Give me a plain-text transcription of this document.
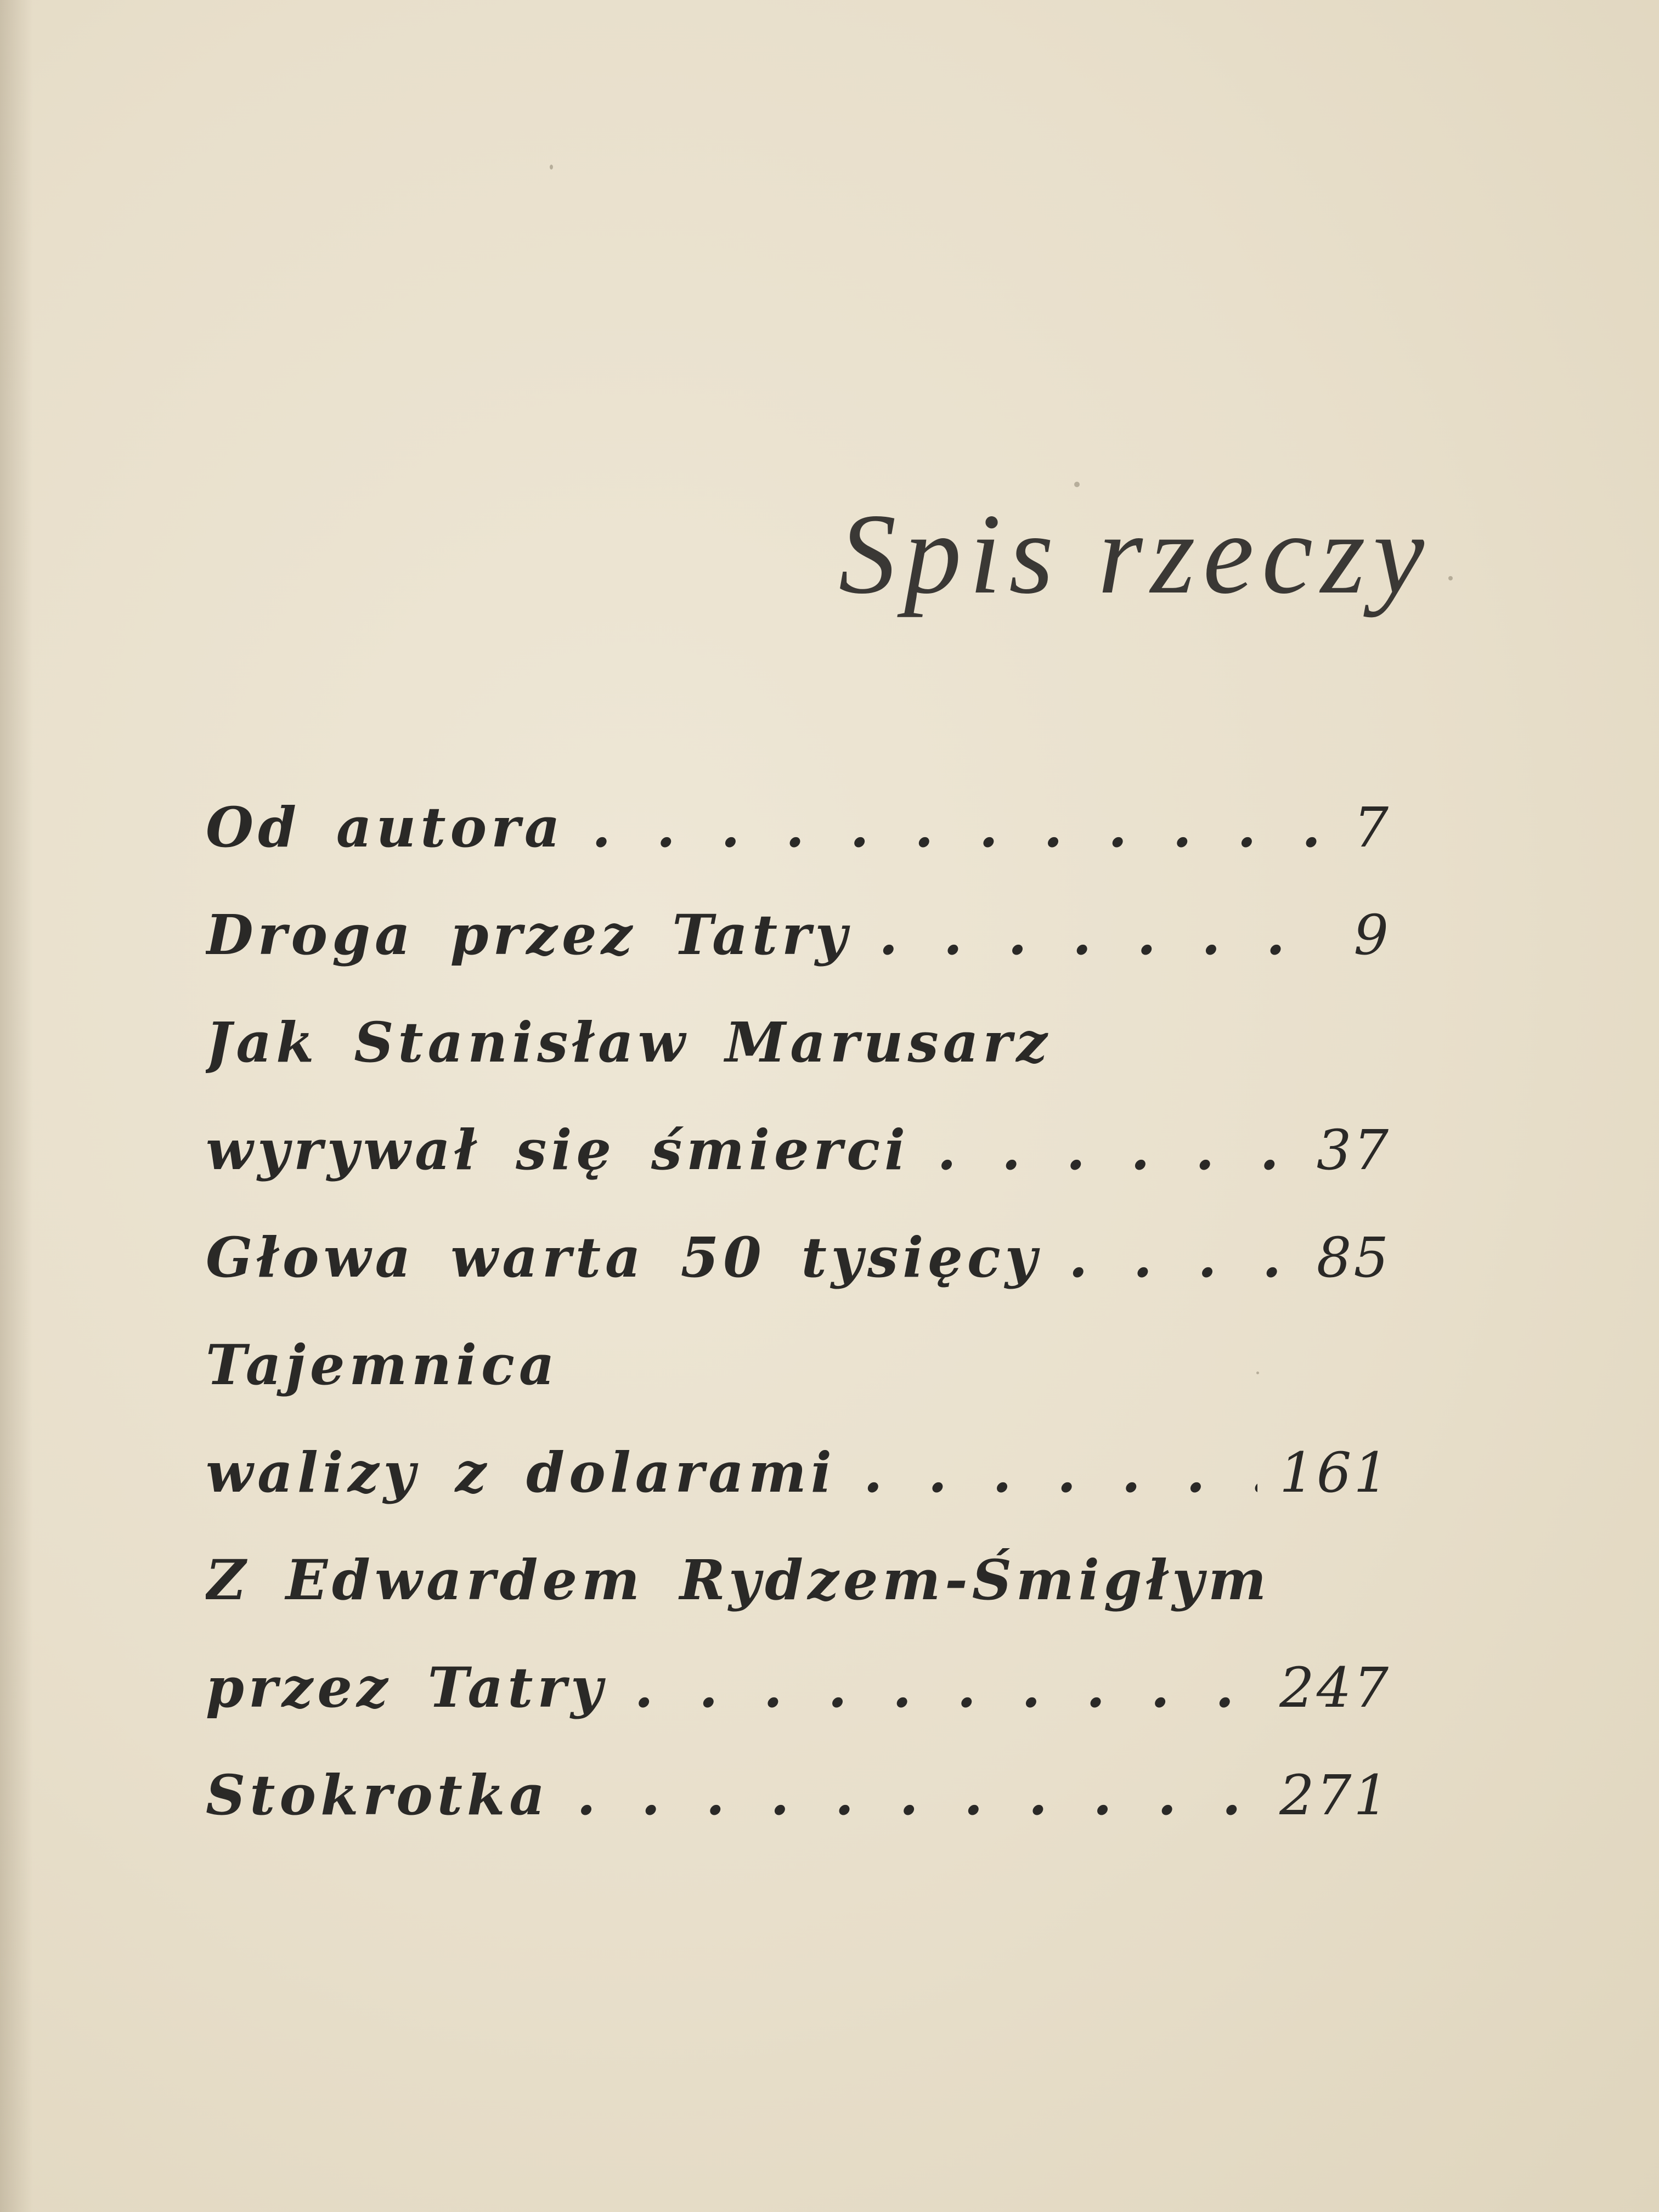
Spis rzeczy
Od autora . .	7
Droga przez Tatry . .	9
Jak Stanisław Marusarz
wyrywał się śmierci . .	37
Głowa warta 50 tysięcy . .	85
Tajemnica
walizy z dolarami . .	161
Z Edwardem Rydzem-Śmigłym
przez Tatry . .	247
Stokrotka . .	271
